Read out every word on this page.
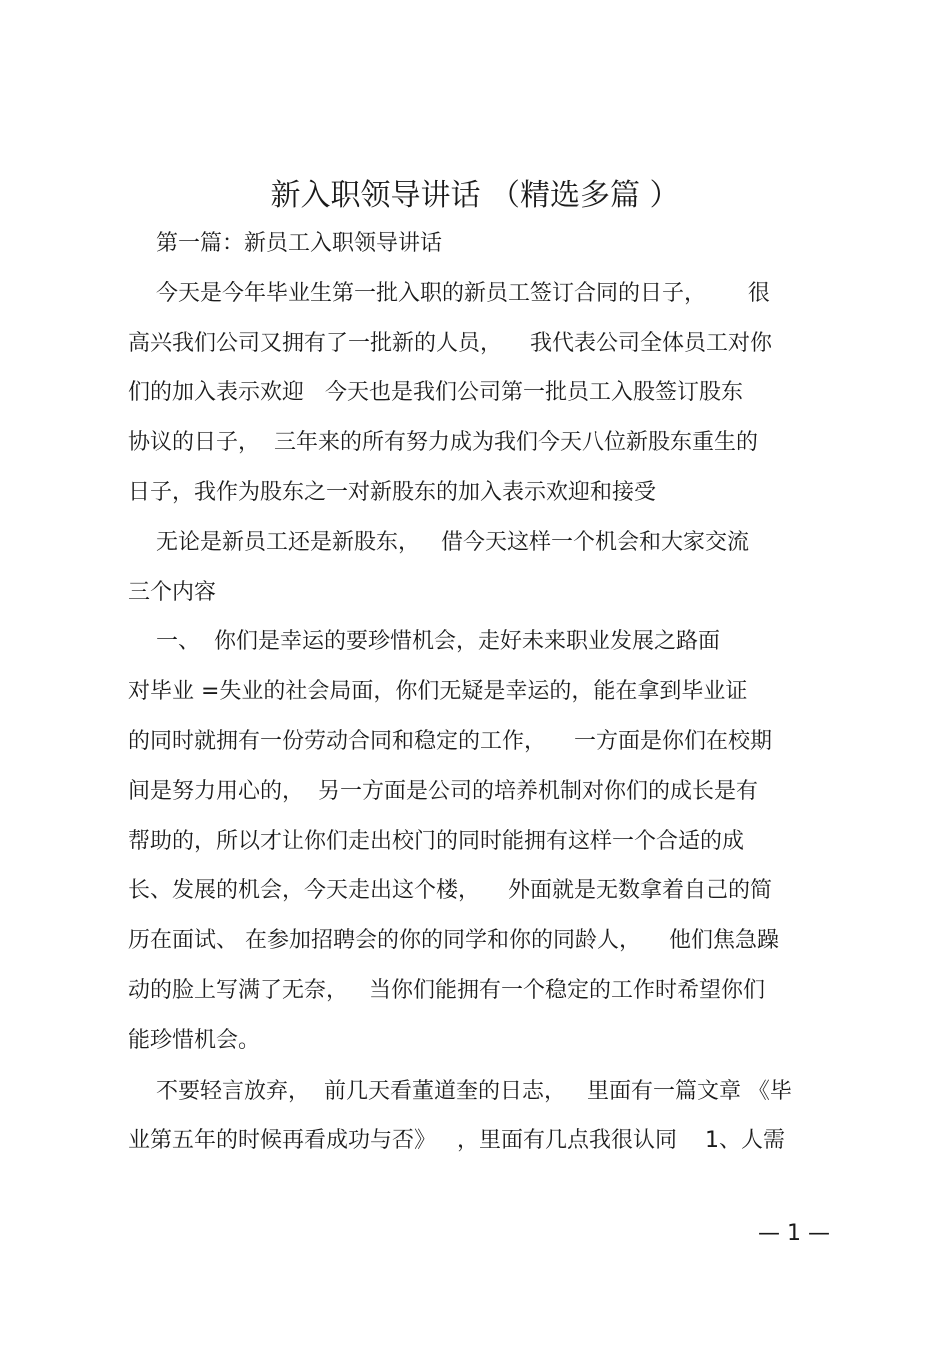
新入职领导讲话 （精选多篇 ）
第一篇：新员工入职领导讲话
今天是今年毕业生第一批入职的新员工签订合同的日子，      很
高兴我们公司又拥有了一批新的人员，    我代表公司全体员工对你
们的加入表示欢迎   今天也是我们公司第一批员工入股签订股东
协议的日子，  三年来的所有努力成为我们今天八位新股东重生的
日子，我作为股东之一对新股东的加入表示欢迎和接受
无论是新员工还是新股东，   借今天这样一个机会和大家交流
三个内容
一、  你们是幸运的要珍惜机会，走好未来职业发展之路面
对毕业 =失业的社会局面，你们无疑是幸运的，能在拿到毕业证
的同时就拥有一份劳动合同和稳定的工作，    一方面是你们在校期
间是努力用心的，  另一方面是公司的培养机制对你们的成长是有
帮助的，所以才让你们走出校门的同时能拥有这样一个合适的成
长、发展的机会，今天走出这个楼，    外面就是无数拿着自己的简
历在面试、 在参加招聘会的你的同学和你的同龄人，    他们焦急躁
动的脸上写满了无奈，   当你们能拥有一个稳定的工作时希望你们
能珍惜机会。
不要轻言放弃，  前几天看董道奎的日志，   里面有一篇文章 《毕
业第五年的时候再看成功与否》   ，里面有几点我很认同    1、人需
— 1 —
